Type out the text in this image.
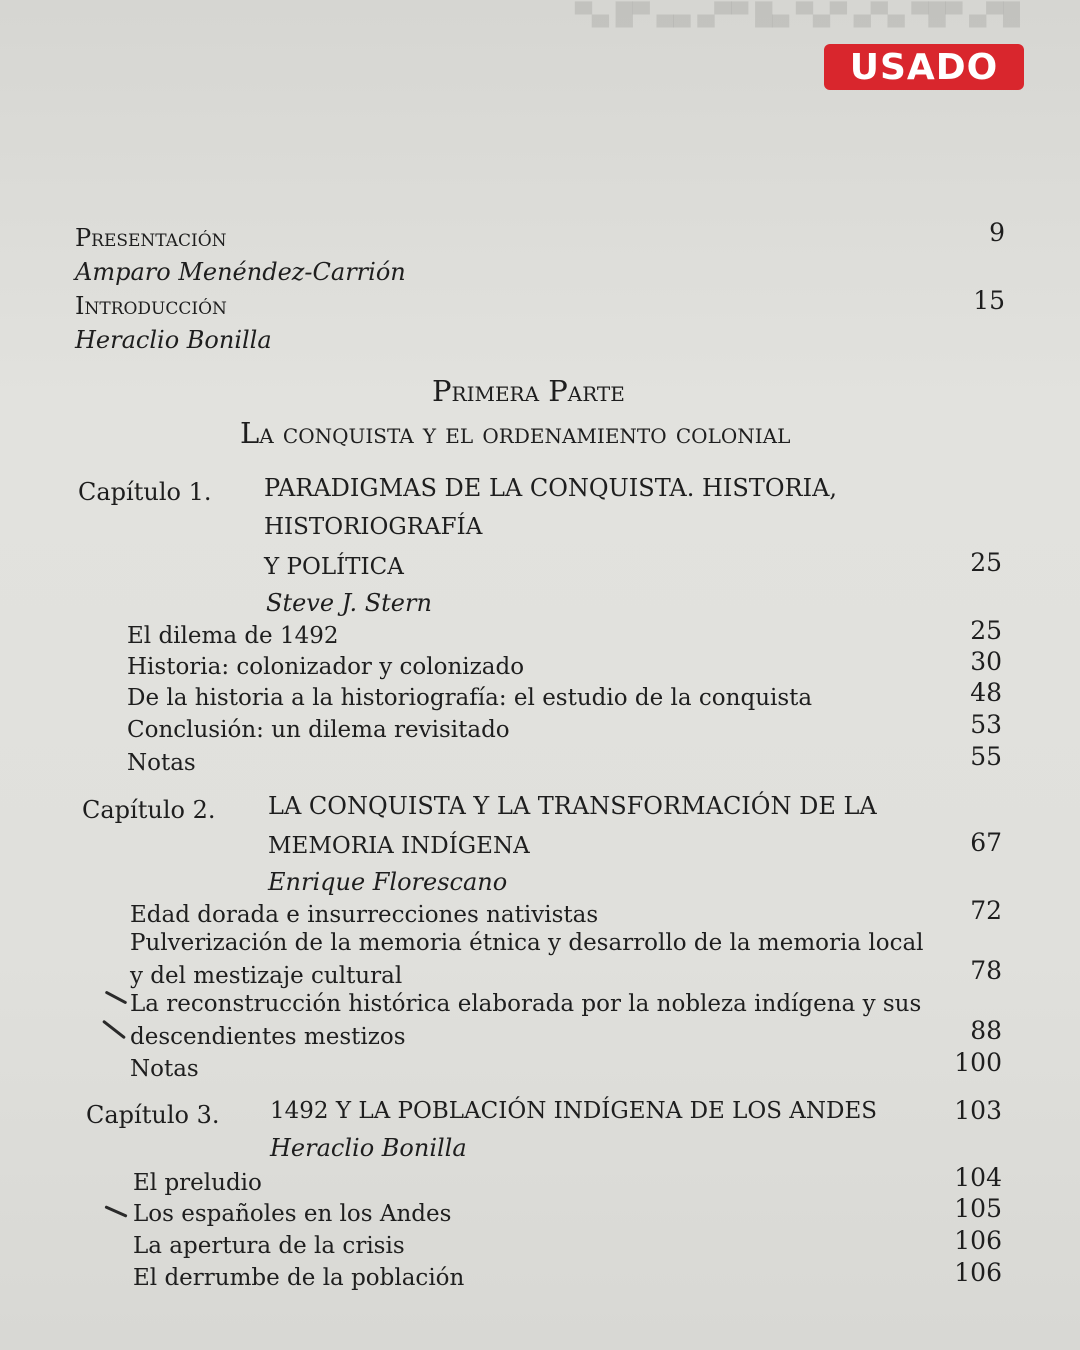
█▀▄ ▀█▀ ▄▀▄ ▀▄▀ ▄█ ▀▀▄ ▄▄ ▀█ ▄▀
USADO
Presentación	9
Amparo Menéndez-Carrión
Introducción	15
Heraclio Bonilla
Primera Parte
La conquista y el ordenamiento colonial
Capítulo 1. PARADIGMAS DE LA CONQUISTA. HISTORIA,
HISTORIOGRAFÍA
Y POLÍTICA	25
Steve J. Stern
El dilema de 1492	25
Historia: colonizador y colonizado	30
De la historia a la historiografía: el estudio de la conquista	48
Conclusión: un dilema revisitado	53
Notas	55
Capítulo 2. LA CONQUISTA Y LA TRANSFORMACIÓN DE LA
MEMORIA INDÍGENA	67
Enrique Florescano
Edad dorada e insurrecciones nativistas	72
Pulverización de la memoria étnica y desarrollo de la memoria local
y del mestizaje cultural	78
La reconstrucción histórica elaborada por la nobleza indígena y sus
descendientes mestizos	88
Notas	100
Capítulo 3. 1492 Y LA POBLACIÓN INDÍGENA DE LOS ANDES	103
Heraclio Bonilla
El preludio	104
Los españoles en los Andes	105
La apertura de la crisis	106
El derrumbe de la población	106
